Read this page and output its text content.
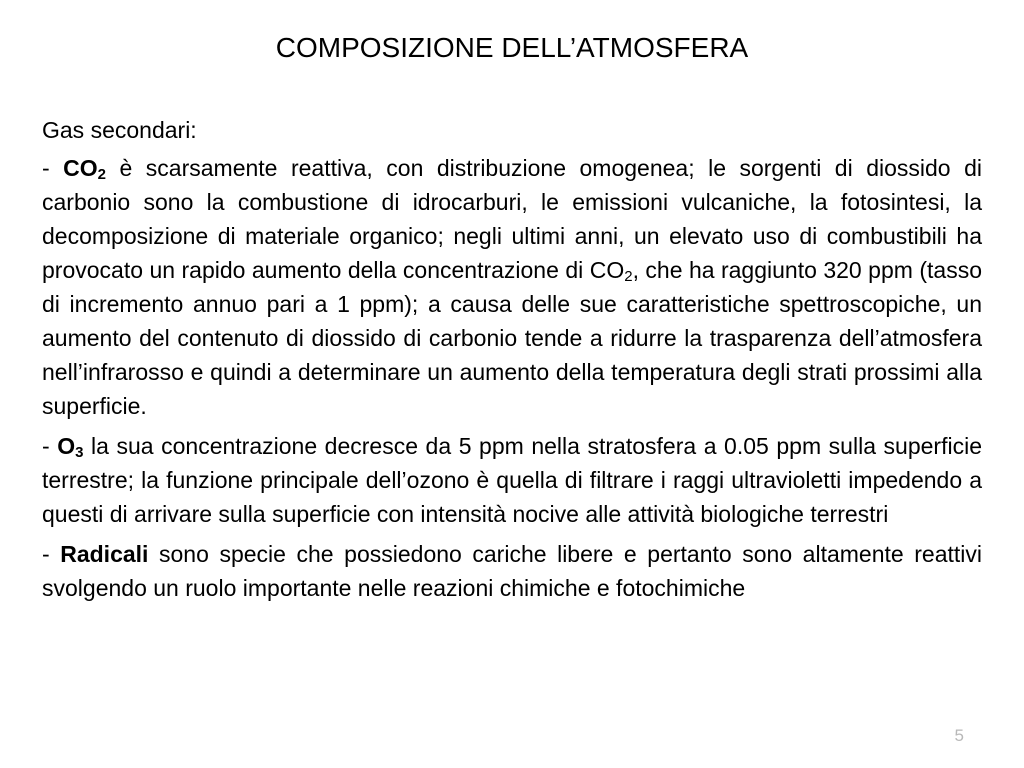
COMPOSIZIONE DELL’ATMOSFERA

Gas secondari:

- $CO_2$ è scarsamente reattiva, con distribuzione omogenea; le sorgenti di diossido di carbonio sono la combustione di idrocarburi, le emissioni vulcaniche, la fotosintesi, la decomposizione di materiale organico; negli ultimi anni, un elevato uso di combustibili ha provocato un rapido aumento della concentrazione di $CO_2$, che ha raggiunto 320 ppm (tasso di incremento annuo pari a 1 ppm); a causa delle sue caratteristiche spettroscopiche, un aumento del contenuto di diossido di carbonio tende a ridurre la trasparenza dell’atmosfera nell’infrarosso e quindi a determinare un aumento della temperatura degli strati prossimi alla superficie.

- $O_3$ la sua concentrazione decresce da 5 ppm nella stratosfera a 0.05 ppm sulla superficie terrestre; la funzione principale dell’ozono è quella di filtrare i raggi ultravioletti impedendo a questi di arrivare sulla superficie con intensità nocive alle attività biologiche terrestri

- Radicali sono specie che possiedono cariche libere e pertanto sono altamente reattivi svolgendo un ruolo importante nelle reazioni chimiche e fotochimiche

5
